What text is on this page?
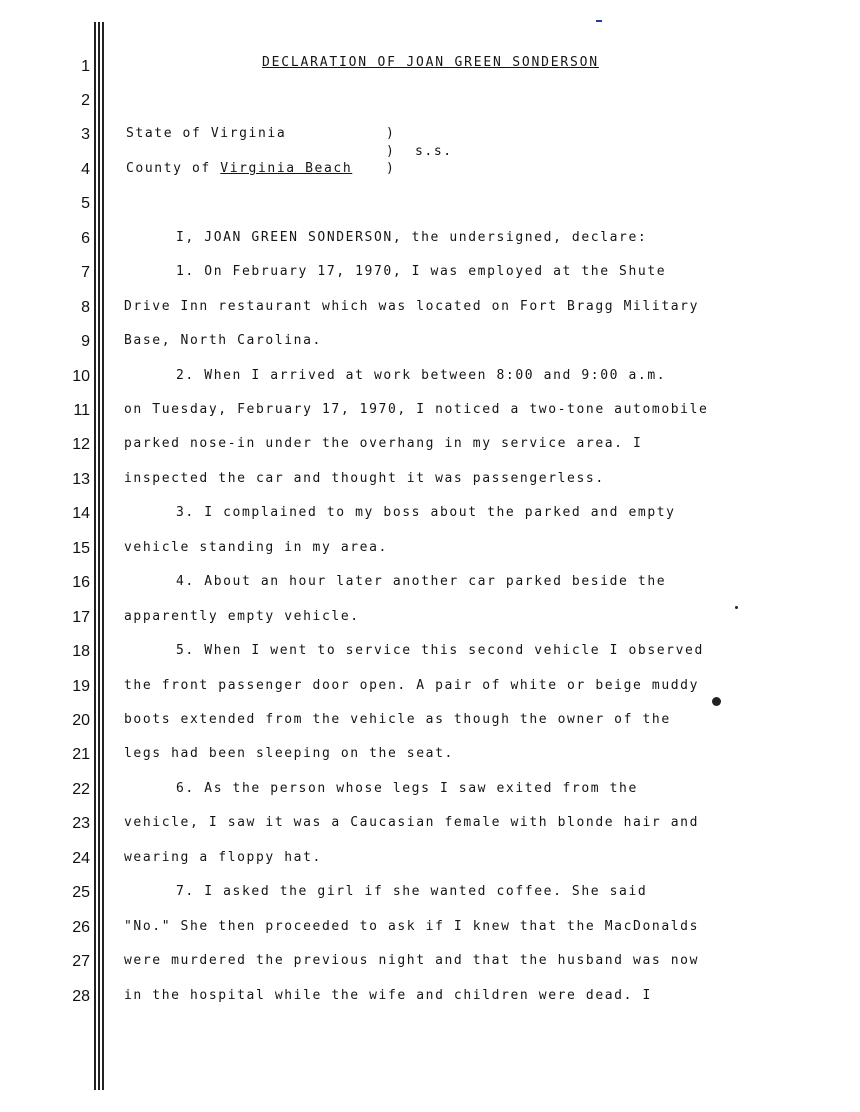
1
2
3
4
5
6
7
8
9
10
11
12
13
14
15
16
17
18
19
20
21
22
23
24
25
26
27
28
DECLARATION OF JOAN GREEN SONDERSON
State of Virginia
County of Virginia Beach
)
)
)
s.s.
I, JOAN GREEN SONDERSON, the undersigned, declare:
1. On February 17, 1970, I was employed at the Shute
Drive Inn restaurant which was located on Fort Bragg Military
Base, North Carolina.
2. When I arrived at work between 8:00 and 9:00 a.m.
on Tuesday, February 17, 1970, I noticed a two-tone automobile
parked nose-in under the overhang in my service area. I
inspected the car and thought it was passengerless.
3. I complained to my boss about the parked and empty
vehicle standing in my area.
4. About an hour later another car parked beside the
apparently empty vehicle.
5. When I went to service this second vehicle I observed
the front passenger door open. A pair of white or beige muddy
boots extended from the vehicle as though the owner of the
legs had been sleeping on the seat.
6. As the person whose legs I saw exited from the
vehicle, I saw it was a Caucasian female with blonde hair and
wearing a floppy hat.
7. I asked the girl if she wanted coffee. She said
"No." She then proceeded to ask if I knew that the MacDonalds
were murdered the previous night and that the husband was now
in the hospital while the wife and children were dead. I
